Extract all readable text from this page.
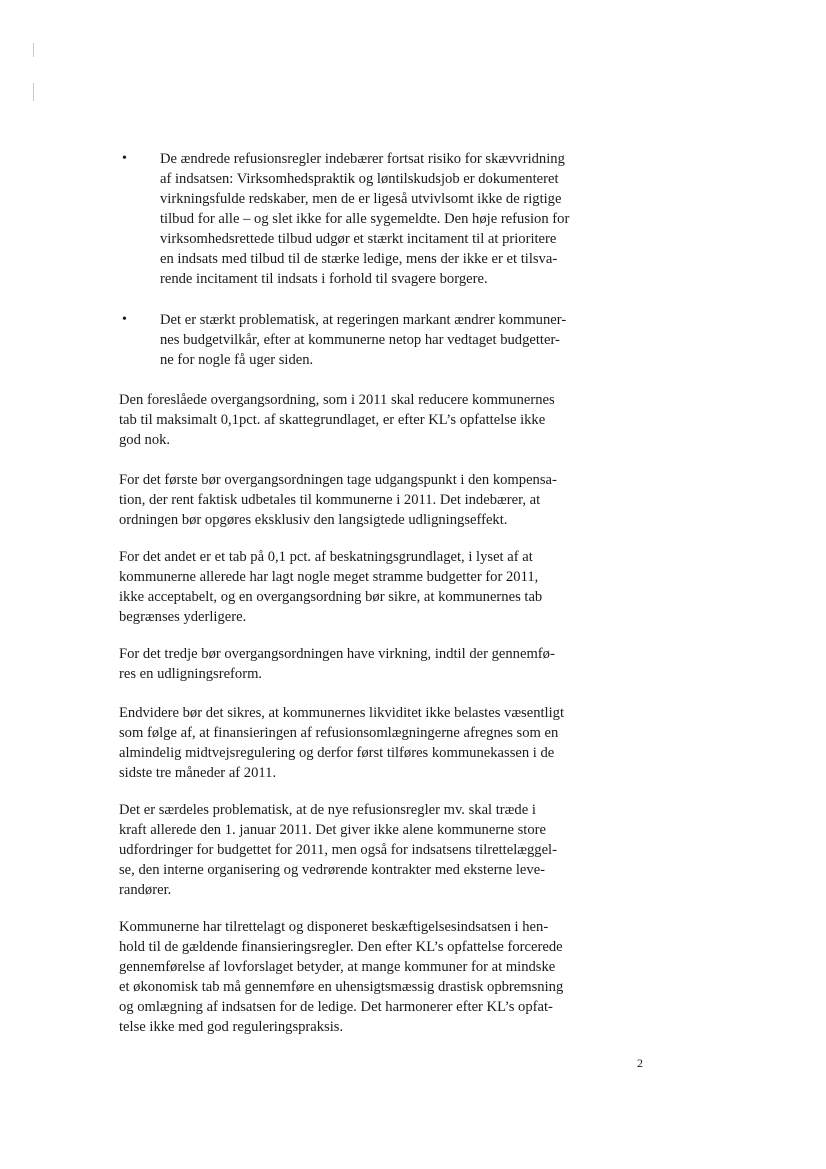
• De ændrede refusionsregler indebærer fortsat risiko for skævvridning
af indsatsen: Virksomhedspraktik og løntilskudsjob er dokumenteret
virkningsfulde redskaber, men de er ligeså utvivlsomt ikke de rigtige
tilbud for alle – og slet ikke for alle sygemeldte. Den høje refusion for
virksomhedsrettede tilbud udgør et stærkt incitament til at prioritere
en indsats med tilbud til de stærke ledige, mens der ikke er et tilsva-
rende incitament til indsats i forhold til svagere borgere.
• Det er stærkt problematisk, at regeringen markant ændrer kommuner-
nes budgetvilkår, efter at kommunerne netop har vedtaget budgetter-
ne for nogle få uger siden.
Den foreslåede overgangsordning, som i 2011 skal reducere kommunernes
tab til maksimalt 0,1pct. af skattegrundlaget, er efter KL’s opfattelse ikke
god nok.
For det første bør overgangsordningen tage udgangspunkt i den kompensa-
tion, der rent faktisk udbetales til kommunerne i 2011. Det indebærer, at
ordningen bør opgøres eksklusiv den langsigtede udligningseffekt.
For det andet er et tab på 0,1 pct. af beskatningsgrundlaget, i lyset af at
kommunerne allerede har lagt nogle meget stramme budgetter for 2011,
ikke acceptabelt, og en overgangsordning bør sikre, at kommunernes tab
begrænses yderligere.
For det tredje bør overgangsordningen have virkning, indtil der gennemfø-
res en udligningsreform.
Endvidere bør det sikres, at kommunernes likviditet ikke belastes væsentligt
som følge af, at finansieringen af refusionsomlægningerne afregnes som en
almindelig midtvejsregulering og derfor først tilføres kommunekassen i de
sidste tre måneder af 2011.
Det er særdeles problematisk, at de nye refusionsregler mv. skal træde i
kraft allerede den 1. januar 2011. Det giver ikke alene kommunerne store
udfordringer for budgettet for 2011, men også for indsatsens tilrettelæggel-
se, den interne organisering og vedrørende kontrakter med eksterne leve-
randører.
Kommunerne har tilrettelagt og disponeret beskæftigelsesindsatsen i hen-
hold til de gældende finansieringsregler. Den efter KL’s opfattelse forcerede
gennemførelse af lovforslaget betyder, at mange kommuner for at mindske
et økonomisk tab må gennemføre en uhensigtsmæssig drastisk opbremsning
og omlægning af indsatsen for de ledige. Det harmonerer efter KL’s opfat-
telse ikke med god reguleringspraksis.
2
